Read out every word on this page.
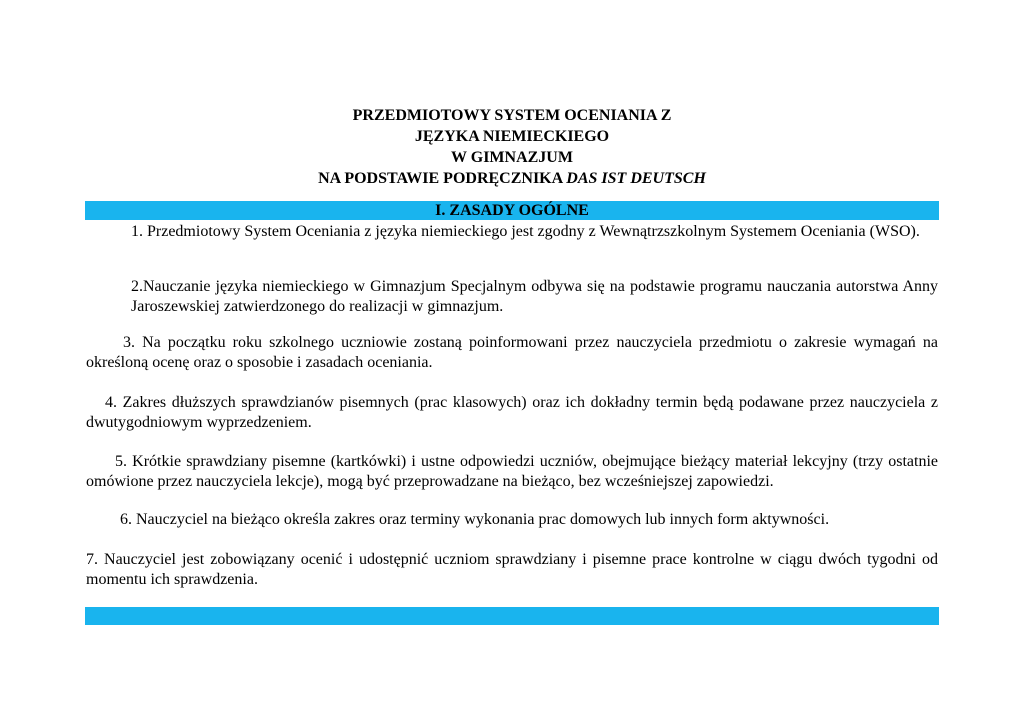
PRZEDMIOTOWY SYSTEM OCENIANIA Z
JĘZYKA NIEMIECKIEGO
W GIMNAZJUM
NA PODSTAWIE PODRĘCZNIKA DAS IST DEUTSCH
I. ZASADY OGÓLNE

1. Przedmiotowy System Oceniania z języka niemieckiego jest zgodny z Wewnątrzszkolnym Systemem Oceniania (WSO).

2.Nauczanie języka niemieckiego w Gimnazjum Specjalnym odbywa się na podstawie programu nauczania autorstwa Anny Jaroszewskiej zatwierdzonego do realizacji w gimnazjum.

3. Na początku roku szkolnego uczniowie zostaną poinformowani przez nauczyciela przedmiotu o zakresie wymagań na określoną ocenę oraz o sposobie i zasadach oceniania.

4. Zakres dłuższych sprawdzianów pisemnych (prac klasowych) oraz ich dokładny termin będą podawane przez nauczyciela z dwutygodniowym wyprzedzeniem.

5. Krótkie sprawdziany pisemne (kartkówki) i ustne odpowiedzi uczniów, obejmujące bieżący materiał lekcyjny (trzy ostatnie omówione przez nauczyciela lekcje), mogą być przeprowadzane na bieżąco, bez wcześniejszej zapowiedzi.

6. Nauczyciel na bieżąco określa zakres oraz terminy wykonania prac domowych lub innych form aktywności.

7. Nauczyciel jest zobowiązany ocenić i udostępnić uczniom sprawdziany i pisemne prace kontrolne w ciągu dwóch tygodni od momentu ich sprawdzenia.
